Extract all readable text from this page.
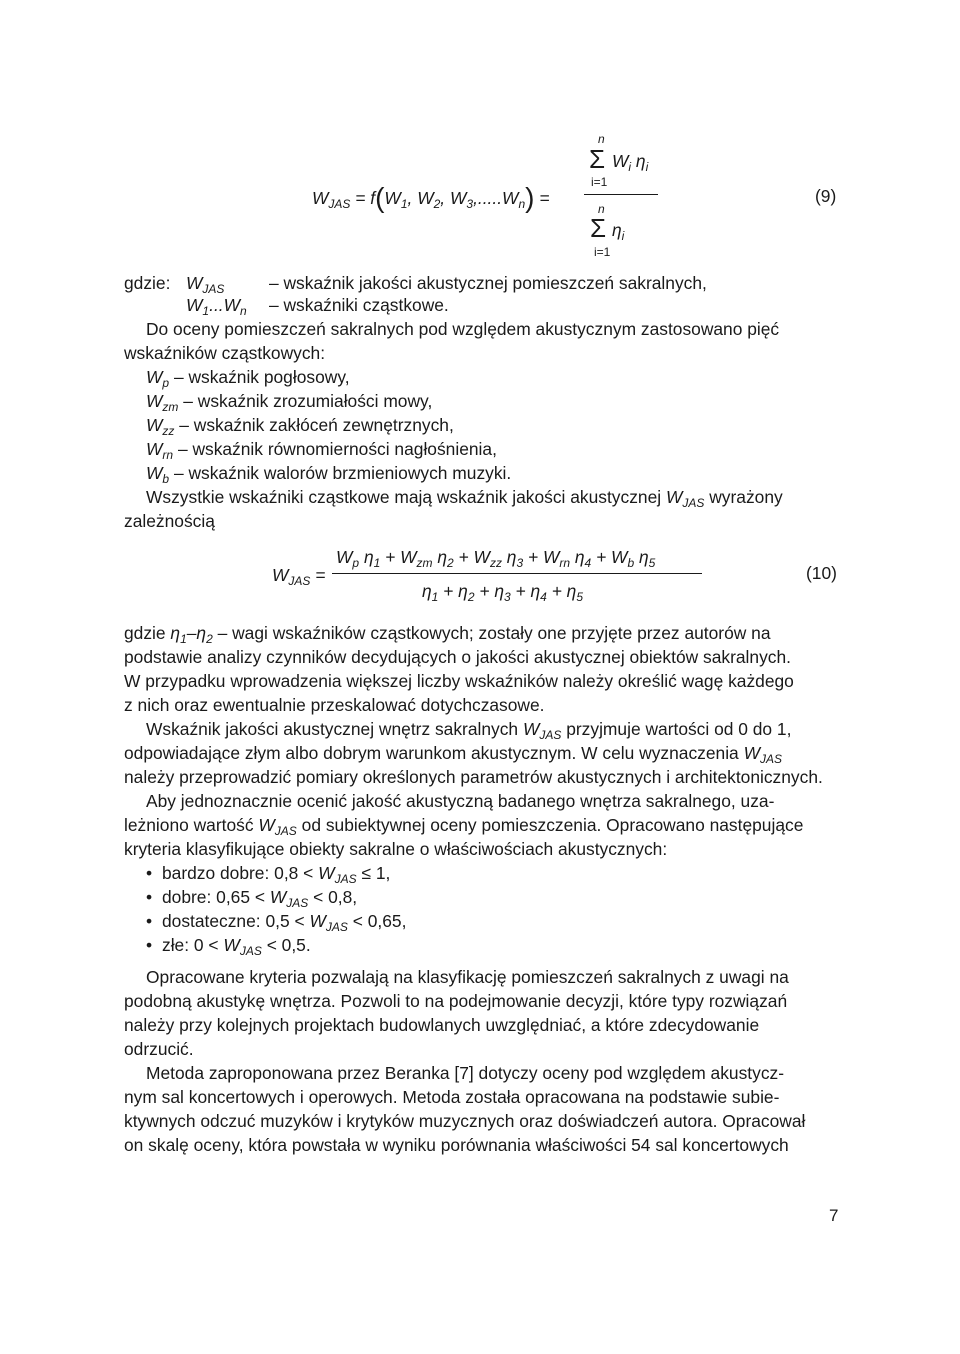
$W_{JAS} = f(W_1$, $W_2$, $W_3,.....W_n$) =
n
Σ $W_i$ $\eta_i$
i=1
n
Σ $\eta_i$
i=1
(9)
gdzie: $W_{JAS}$	– wskaźnik jakości akustycznej pomieszczeń sakralnych,
$W_1...W_n$ – wskaźniki cząstkowe.
Do oceny pomieszczeń sakralnych pod względem akustycznym zastosowano pięć
wskaźników cząstkowych:
$W_p$ – wskaźnik pogłosowy,
$W_{zm}$ – wskaźnik zrozumiałości mowy,
$W_{zz}$ – wskaźnik zakłóceń zewnętrznych,
$W_{rn}$ – wskaźnik równomierności nagłośnienia,
$W_b$ – wskaźnik walorów brzmieniowych muzyki.
Wszystkie wskaźniki cząstkowe mają wskaźnik jakości akustycznej $W_{JAS}$ wyrażony
zależnością
$W_{JAS}$ =
$W_p$ $\eta_1 + W_{zm}$ $\eta_2 + W_{zz}$ $\eta_3 + W_{rn}$ $\eta_4 + W_b$ $\eta_5$
$\eta_1 + \eta_2 + \eta_3 + \eta_4 + \eta_5$
(10)
gdzie $\eta_1-\eta_2$ – wagi wskaźników cząstkowych; zostały one przyjęte przez autorów na
podstawie analizy czynników decydujących o jakości akustycznej obiektów sakralnych.
W przypadku wprowadzenia większej liczby wskaźników należy określić wagę każdego
z nich oraz ewentualnie przeskalować dotychczasowe.
Wskaźnik jakości akustycznej wnętrz sakralnych $W_{JAS}$ przyjmuje wartości od 0 do 1,
odpowiadające złym albo dobrym warunkom akustycznym. W celu wyznaczenia $W_{JAS}$
należy przeprowadzić pomiary określonych parametrów akustycznych i architektonicznych.
Aby jednoznacznie ocenić jakość akustyczną badanego wnętrza sakralnego, uza-
leżniono wartość $W_{JAS}$ od subiektywnej oceny pomieszczenia. Opracowano następujące
kryteria klasyfikujące obiekty sakralne o właściwościach akustycznych:
• bardzo dobre: $0,8 < W_{JAS} \le 1$,
• dobre: $0,65 < W_{JAS} < 0,8$,
• dostateczne: $0,5 < W_{JAS} < 0,65$,
• złe: $0 < W_{JAS} < 0,5$.
Opracowane kryteria pozwalają na klasyfikację pomieszczeń sakralnych z uwagi na
podobną akustykę wnętrza. Pozwoli to na podejmowanie decyzji, które typy rozwiązań
należy przy kolejnych projektach budowlanych uwzględniać, a które zdecydowanie
odrzucić.
Metoda zaproponowana przez Beranka [7] dotyczy oceny pod względem akustycz-
nym sal koncertowych i operowych. Metoda została opracowana na podstawie subie-
ktywnych odczuć muzyków i krytyków muzycznych oraz doświadczeń autora. Opracował
on skalę oceny, która powstała w wyniku porównania właściwości 54 sal koncertowych
7
